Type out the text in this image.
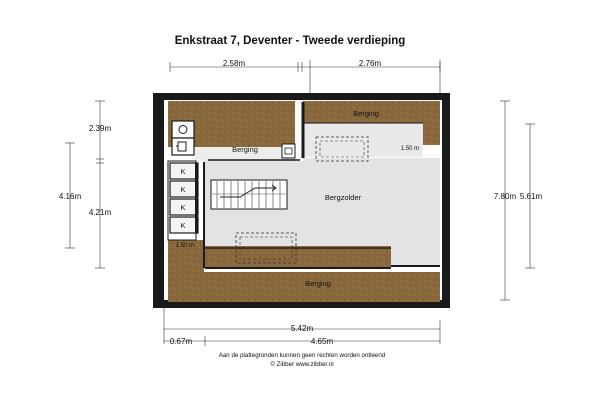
Enkstraat 7, Deventer - Tweede verdieping
2.58m	2.76m
K
K
K
K
Berging
Berging
Bergzolder
Berging
1.50 m
1.50 m
2.39m
4.16m
4.21m
7.80m 5.61m
5.42m
0.67m	4.65m
Aan de plattegronden kunnen geen rechten worden ontleend
© Zibber www.zibber.nl
